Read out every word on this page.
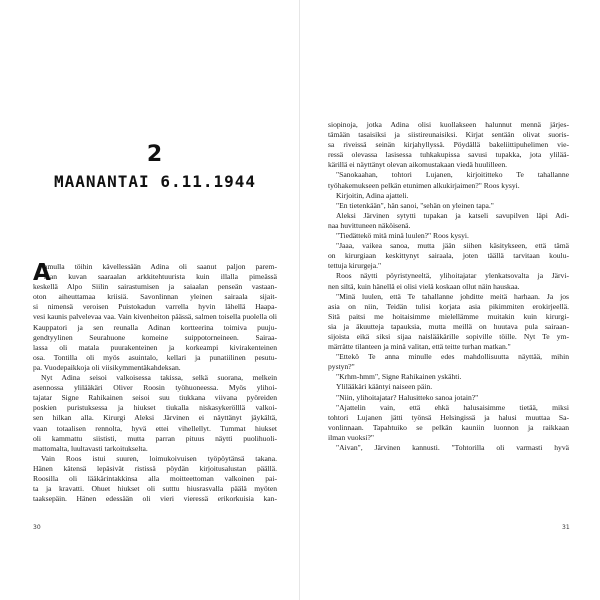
2
MAANANTAI 6.11.1944
A
amulla töihin kävellessään Adina oli saanut paljon parem-
man kuvan saaraalan arkkitehtuurista kuin illalla pimeässä
keskellä Alpo Siilin sairastumisen ja saiaalan penseän vastaan-
oton aiheuttamaa kriisiä. Savonlinnan yleinen sairaala sijait-
si nimensä veroisen Puistokadun varrella hyvin lähellä Haapa-
vesi kaunis palvelevaa vaa. Vain kivenheiton päässä, salmen toisella puolella oli
Kauppatori ja sen reunalla Adinan kortteerina toimiva puuju-
gendtyylinen Seurahuone komeine suippotorneineen. Sairaa-
lassa oli matala puurakenteinen ja korkeampi kivirakenteinen
osa. Tontilla oli myös asuintalo, kellari ja punatiilinen pesutu-
pa. Vuodepaikkoja oli viisikymmentäkahdeksan.
Nyt Adina seisoi valkoisessa takissa, selkä suorana, melkein
asennossa ylilääkäri Oliver Roosin työhuoneessa. Myös ylihoi-
tajatar Signe Rahikainen seisoi suu tiukkana viivana pyöreiden
poskien puristuksessa ja hiukset tiukalla niskasykerölllä valkoi-
sen hilkan alla. Kirurgi Aleksi Järvinen ei näyttänyt jäykältä,
vaan totaalisen rennolta, hyvä ettei vihellellyt. Tummat hiukset
oli kammattu siististi, mutta parran pituus näytti puolihuoli-
mattomalta, luultavasti tarkoitukselta.
Vain Roos istui suuren, loimukoivuisen työpöytänsä takana.
Hänen kätensä lepäsivät ristissä pöydän kirjoitusalustan päällä.
Roosilla oli lääkärintakkinsa alla moitteettoman valkoinen pai-
ta ja kravatti. Ohuet hiukset oli sutttu hiusrasvalla päälä myöten
taaksepäin. Hänen edessään oli vieri vieressä erikorkuisia kan-
siopinoja, jotka Adina olisi kuollakseen halunnut mennä järjes-
tämään tasaisiksi ja siistireunaisiksi. Kirjat sentään olivat suoris-
sa riveissä seinän kirjahyllyssä. Pöydällä bakeliittipuhelimen vie-
ressä olevassa lasisessa tuhkakupissa savusi tupakka, jota ylilää-
kärillä ei näyttänyt olevan aikomustakaan viedä huulilleen.
"Sanokaahan, tohtori Lujanen, kirjoititteko Te tahallanne
työhakemukseen pelkän etunimen alkukirjaimen?" Roos kysyi.
Kirjoitin, Adina ajatteli.
"En tietenkään", hän sanoi, "sehän on yleinen tapa."
Aleksi Järvinen sytytti tupakan ja katseli savupilven läpi Adi-
naa huvittuneen näköisenä.
"Tiedättekö mitä minä luulen?" Roos kysyi.
"Jaaa, vaikea sanoa, mutta jään siihen käsitykseen, että tämä
on kirurgiaan keskittynyt sairaala, joten täällä tarvitaan koulu-
tettuja kirurgeja."
Roos näytti pöyristyneeltä, ylihoitajatar ylenkatsovalta ja Järvi-
nen siltä, kuin hänellä ei olisi vielä koskaan ollut näin hauskaa.
"Minä luulen, että Te tahallanne johditte meitä harhaan. Ja jos
asia on niin, Teidän tulisi korjata asia pikimmiten erokirjeellä.
Sitä paitsi me hoitaisimme mielellämme muitakin kuin kirurgi-
sia ja äkuutteja tapauksia, mutta meillä on huutava pula sairaan-
sijoista eikä siksi sijaa naislääkärille sopiville töille. Nyt Te ym-
märrätte tilanteen ja minä valitan, että teitte turhan matkan."
"Ettekö Te anna minulle edes mahdollisuutta näyttää, mihin
pystyn?"
"Krhm-hmm", Signe Rahikainen yskähti.
Ylilääkäri kääntyi naiseen päin.
"Niin, ylihoitajatar? Halusitteko sanoa jotain?"
"Ajattelin vain, että ehkä halusaisimme tietää, miksi
tohtori Lujanen jätti työnsä Helsingissä ja halusi muuttaa Sa-
vonlinnaan. Tapahtuiko se pelkän kauniin luonnon ja raikkaan
ilman vuoksi?"
"Aivan", Järvinen kannusti. "Tohtorilla oli varmasti hyvä
30	31
